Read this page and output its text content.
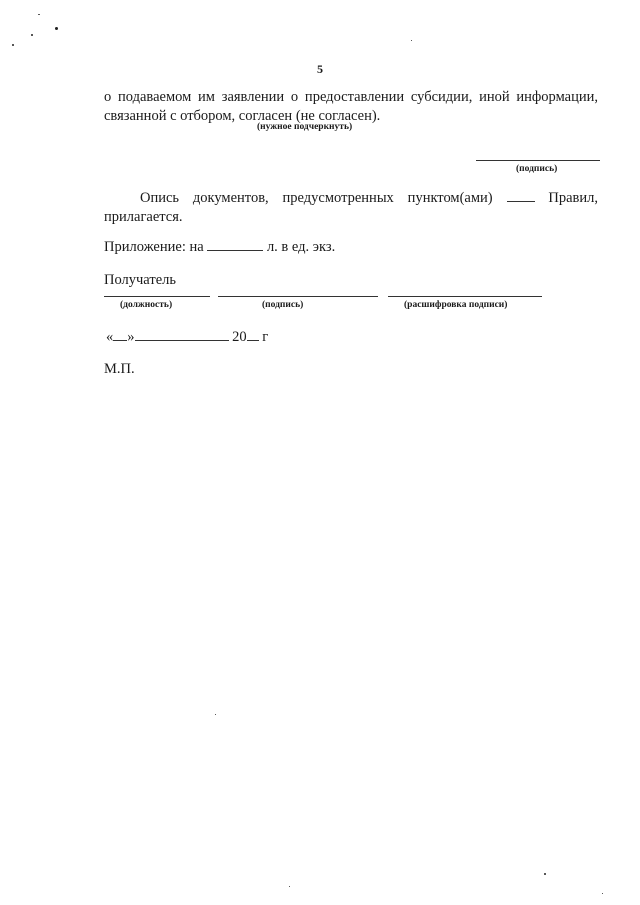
5
о подаваемом им заявлении о предоставлении субсидии, иной информации,
связанной с отбором, согласен (не согласен).
(нужное подчеркнуть)
(подпись)
Опись документов, предусмотренных пунктом(ами)	Правил,
прилагается.
Приложение: на	л. в ед. экз.
Получатель
(должность)	(подпись)	(расшифровка подписи)
« »	20 г
М.П.
